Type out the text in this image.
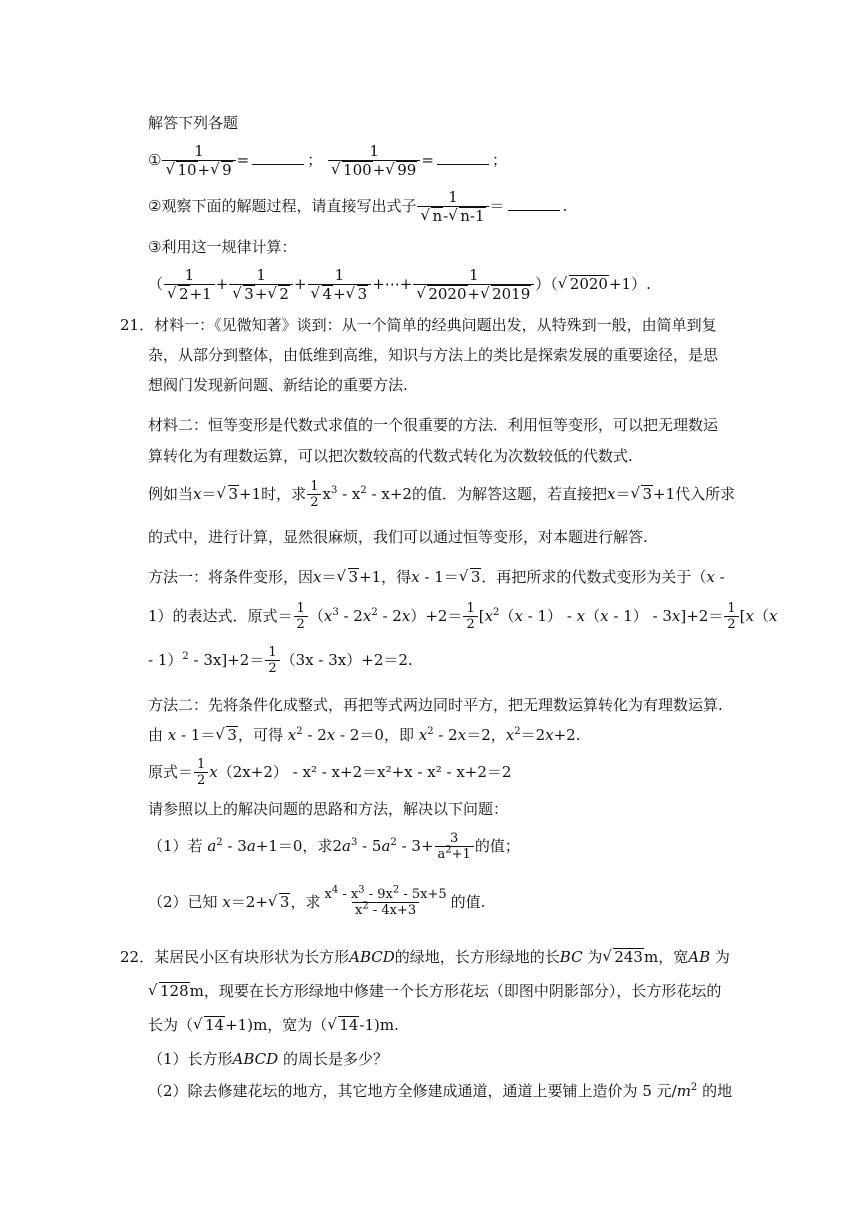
解答下列各题
① 1
√ 10+ √ 9 =	； 1
√ 100+ √ 99 =	；
②观察下面的解题过程，请直接写出式子 1
√ n- √ n-1 ＝	.
③利用这一规律计算：
（ 1
√ 2+1 + 1
√ 3+ √ 2 + 1
√ 4+ √ 3 +⋯+ 1
√ 2020+ √ 2019 ）（ √ 2020+1）.
21．材料一：《见微知著》谈到：从一个简单的经典问题出发，从特殊到一般，由简单到复
杂，从部分到整体，由低维到高维，知识与方法上的类比是探索发展的重要途径，是思
想阀门发现新问题、新结论的重要方法.
材料二：恒等变形是代数式求值的一个很重要的方法．利用恒等变形，可以把无理数运
算转化为有理数运算，可以把次数较高的代数式转化为次数较低的代数式.
例如当x＝ √ 3+1时，求 $\frac{1}{2} x^3 - x^2 - x+2$的值．为解答这题，若直接把x＝ √ 3+1代入所求
的式中，进行计算，显然很麻烦，我们可以通过恒等变形，对本题进行解答.
方法一：将条件变形，因x＝ √ 3+1，得x - 1＝ √ 3．再把所求的代数式变形为关于（x -
1）的表达式．原式＝ $\frac{1}{2} (x^3 - 2x^2 - 2x)+2= \frac{1}{2} [x^2(x - 1) - x(x - 1) - 3x]+2= \frac{1}{2} [x(x$
- $1)^2 - 3x]+2= \frac{1}{2} (3x - 3x)+2=2$.
方法二：先将条件化成整式，再把等式两边同时平方，把无理数运算转化为有理数运算.
由 x - 1＝ √ 3，可得 $x^2 - 2x - 2=0$，即 $x^2 - 2x=2$，$x^2=2x+2$.
原式＝ $\frac{1}{2} x(2x+2) - x^2 - x+2=x^2+x - x^2 - x+2=2$
请参照以上的解决问题的思路和方法，解决以下问题：
（1）若 $a^2 - 3a+1=0$，求$2a^3 - 5a^2 - 3+ \frac{3}{a^2+1}$ 的值；
（2）已知 x＝2+ √ 3，求 $\frac{x^4 - x^3 - 9x^2 - 5x+5}{x^2 - 4x+3}$ 的值.
22．某居民小区有块形状为长方形ABCD的绿地，长方形绿地的长BC 为 √ 243m，宽AB 为
√ 128m，现要在长方形绿地中修建一个长方形花坛（即图中阴影部分），长方形花坛的
长为（ √ 14+1)m，宽为（ √ 14-1)m.
（1）长方形ABCD 的周长是多少？
（2）除去修建花坛的地方，其它地方全修建成通道，通道上要铺上造价为 5 元$/m^2$ 的地
